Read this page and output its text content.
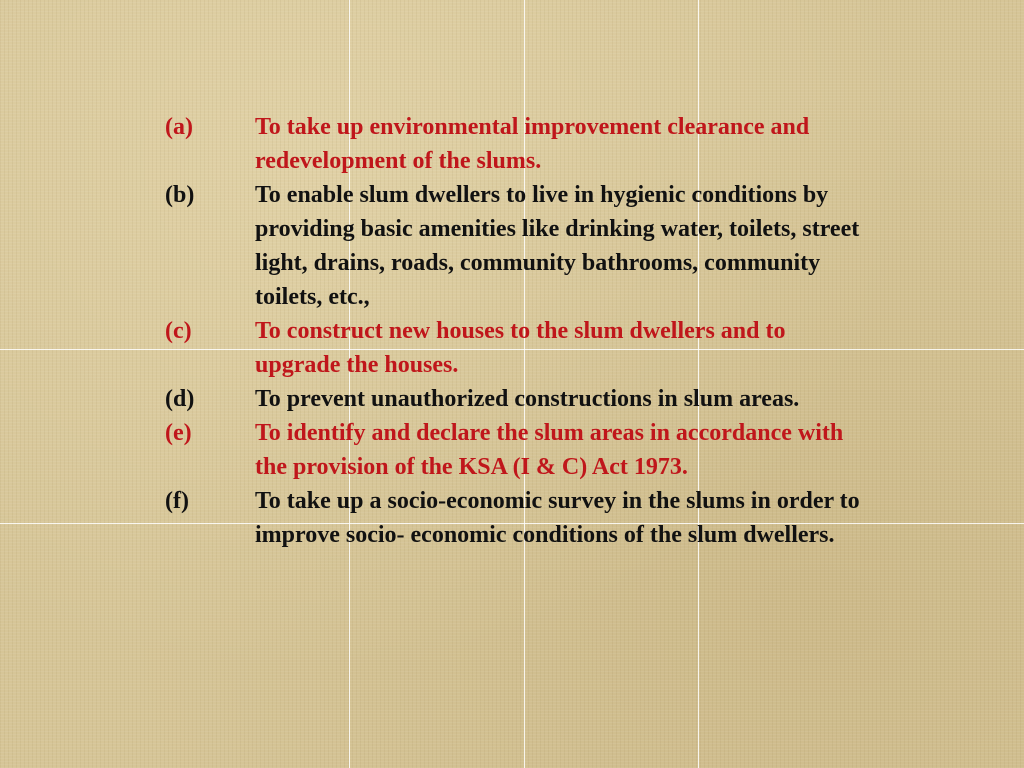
(a)	To take up environmental improvement clearance and redevelopment of the slums.
(b)	To enable slum dwellers to live in hygienic conditions by providing basic amenities like drinking water, toilets, street light, drains, roads, community bathrooms, community toilets, etc.,
(c)	To construct new houses to the slum dwellers and to upgrade the houses.
(d)	To prevent unauthorized constructions in slum areas.
(e)	To identify and declare the slum areas in accordance with the provision of the KSA (I & C) Act 1973.
(f)	To take up a socio-economic survey in the slums in order to improve socio- economic conditions of the slum dwellers.
